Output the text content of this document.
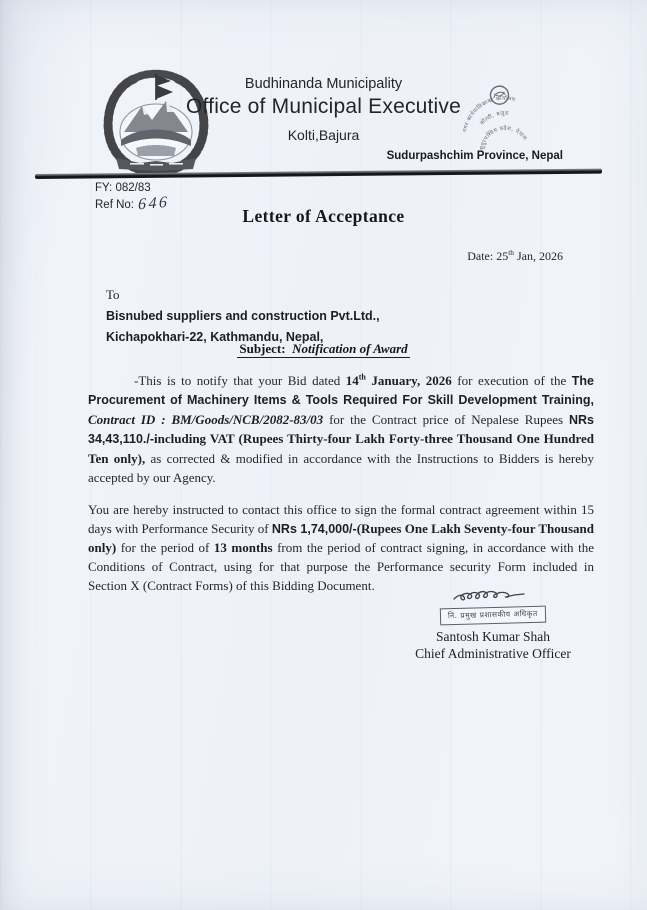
नगर कार्यपालिकाको कार्यालय
कोल्टी, बजुरा
सुदूरपश्चिम प्रदेश, नेपाल
Budhinanda Municipality
Office of Municipal Executive
Kolti,Bajura
Sudurpashchim Province, Nepal
FY: 082/83
Ref No: 646
Letter of Acceptance
Date: 25th Jan, 2026
To
Bisnubed suppliers and construction Pvt.Ltd.,
Kichapokhari-22, Kathmandu, Nepal,
Subject: Notification of Award

-This is to notify that your Bid dated 14th January, 2026 for execution of the The Procurement of Machinery Items & Tools Required For Skill Development Training, Contract ID : BM/Goods/NCB/2082-83/03 for the Contract price of Nepalese Rupees NRs 34,43,110./-including VAT (Rupees Thirty-four Lakh Forty-three Thousand One Hundred Ten only), as corrected & modified in accordance with the Instructions to Bidders is hereby accepted by our Agency.

You are hereby instructed to contact this office to sign the formal contract agreement within 15 days with Performance Security of NRs 1,74,000/-(Rupees One Lakh Seventy-four Thousand only) for the period of 13 months from the period of contract signing, in accordance with the Conditions of Contract, using for that purpose the Performance security Form included in Section X (Contract Forms) of this Bidding Document.

नि. प्रमुख प्रशासकीय अधिकृत
Santosh Kumar Shah
Chief Administrative Officer
